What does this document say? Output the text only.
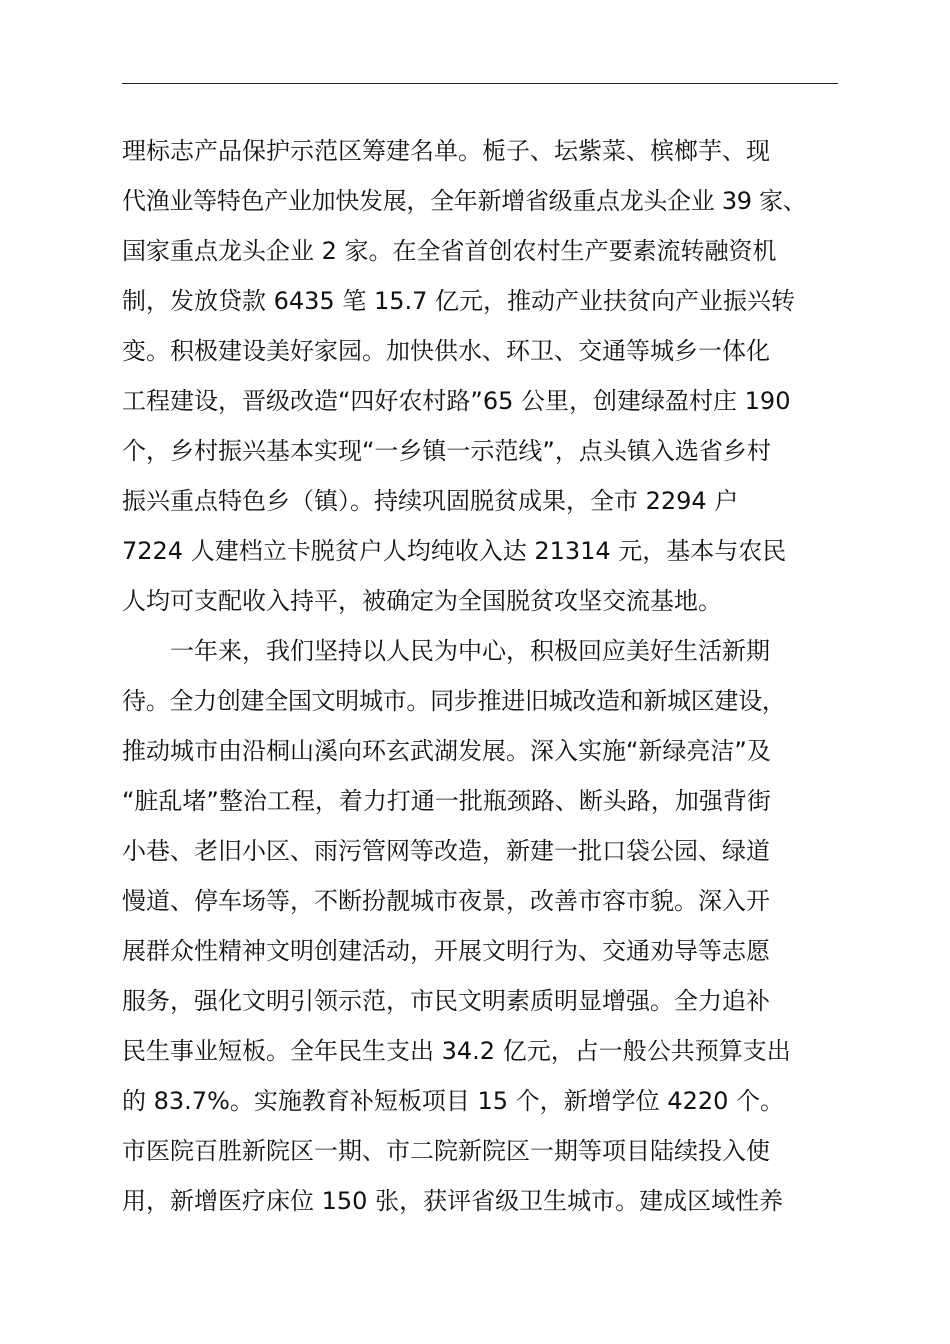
理标志产品保护示范区筹建名单。栀子、坛紫菜、槟榔芋、现
代渔业等特色产业加快发展，全年新增省级重点龙头企业 39 家、
国家重点龙头企业 2 家。在全省首创农村生产要素流转融资机
制，发放贷款 6435 笔 15.7 亿元，推动产业扶贫向产业振兴转
变。积极建设美好家园。加快供水、环卫、交通等城乡一体化
工程建设，晋级改造“四好农村路”65 公里，创建绿盈村庄 190
个，乡村振兴基本实现“一乡镇一示范线”，点头镇入选省乡村
振兴重点特色乡（镇）。持续巩固脱贫成果，全市 2294 户
7224 人建档立卡脱贫户人均纯收入达 21314 元，基本与农民
人均可支配收入持平，被确定为全国脱贫攻坚交流基地。
　　一年来，我们坚持以人民为中心，积极回应美好生活新期
待。全力创建全国文明城市。同步推进旧城改造和新城区建设，
推动城市由沿桐山溪向环玄武湖发展。深入实施“新绿亮洁”及
“脏乱堵”整治工程，着力打通一批瓶颈路、断头路，加强背街
小巷、老旧小区、雨污管网等改造，新建一批口袋公园、绿道
慢道、停车场等，不断扮靓城市夜景，改善市容市貌。深入开
展群众性精神文明创建活动，开展文明行为、交通劝导等志愿
服务，强化文明引领示范，市民文明素质明显增强。全力追补
民生事业短板。全年民生支出 34.2 亿元，占一般公共预算支出
的 83.7%。实施教育补短板项目 15 个，新增学位 4220 个。
市医院百胜新院区一期、市二院新院区一期等项目陆续投入使
用，新增医疗床位 150 张，获评省级卫生城市。建成区域性养
